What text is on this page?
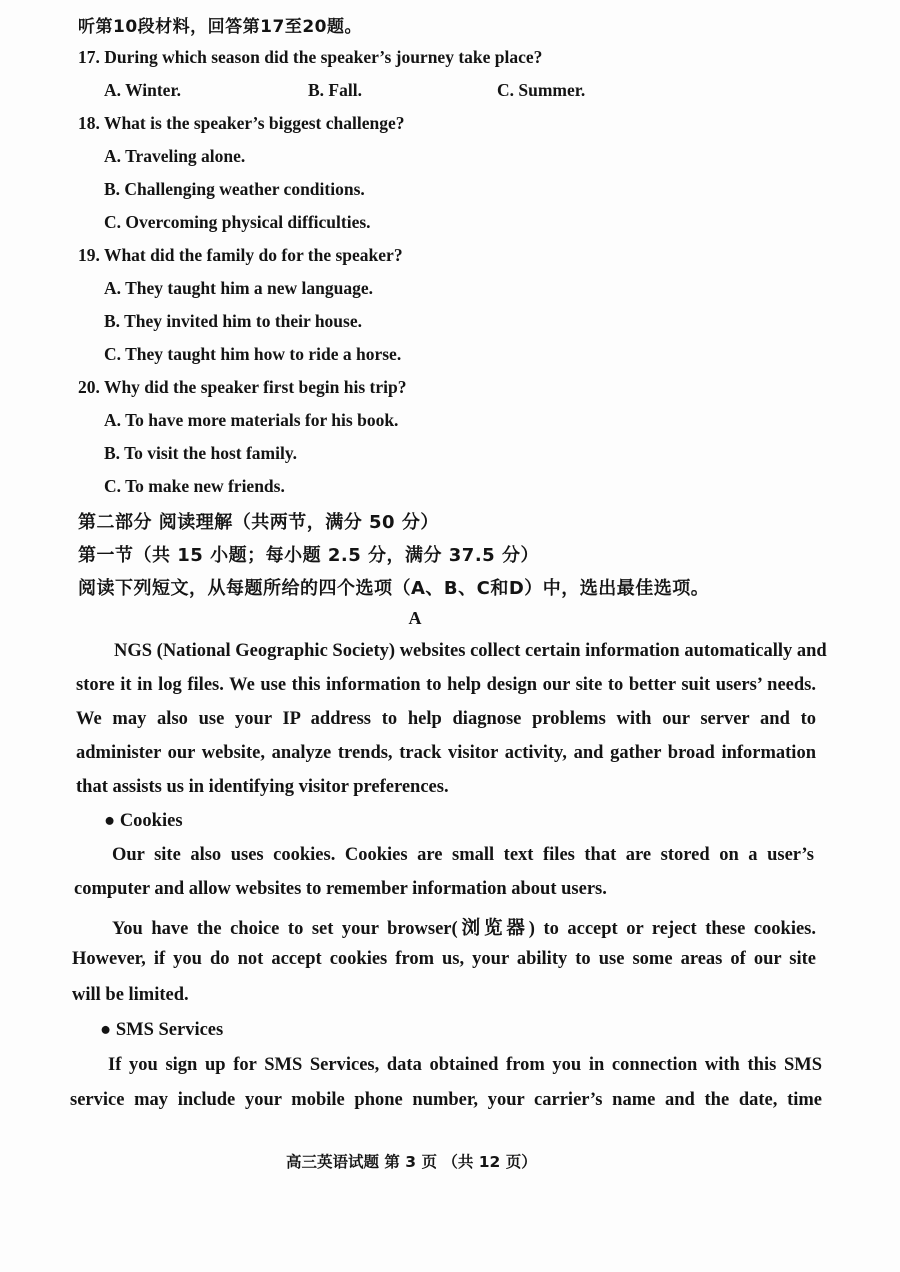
听第10段材料，回答第17至20题。
17. During which season did the speaker’s journey take place?
A. Winter.	B. Fall.	C. Summer.
18. What is the speaker’s biggest challenge?
A. Traveling alone.
B. Challenging weather conditions.
C. Overcoming physical difficulties.
19. What did the family do for the speaker?
A. They taught him a new language.
B. They invited him to their house.
C. They taught him how to ride a horse.
20. Why did the speaker first begin his trip?
A. To have more materials for his book.
B. To visit the host family.
C. To make new friends.
第二部分 阅读理解（共两节，满分 50 分）
第一节（共 15 小题；每小题 2.5 分，满分 37.5 分）
阅读下列短文，从每题所给的四个选项（A、B、C和D）中，选出最佳选项。
A
NGS (National Geographic Society) websites collect certain information automatically and
store it in log files. We use this information to help design our site to better suit users’ needs.
We may also use your IP address to help diagnose problems with our server and to
administer our website, analyze trends, track visitor activity, and gather broad information
that assists us in identifying visitor preferences.
● Cookies
Our site also uses cookies. Cookies are small text files that are stored on a user’s
computer and allow websites to remember information about users.
You have the choice to set your browser(浏览器) to accept or reject these cookies.
However, if you do not accept cookies from us, your ability to use some areas of our site
will be limited.
● SMS Services
If you sign up for SMS Services, data obtained from you in connection with this SMS
service may include your mobile phone number, your carrier’s name and the date, time
高三英语试题 第 3 页 （共 12 页）
